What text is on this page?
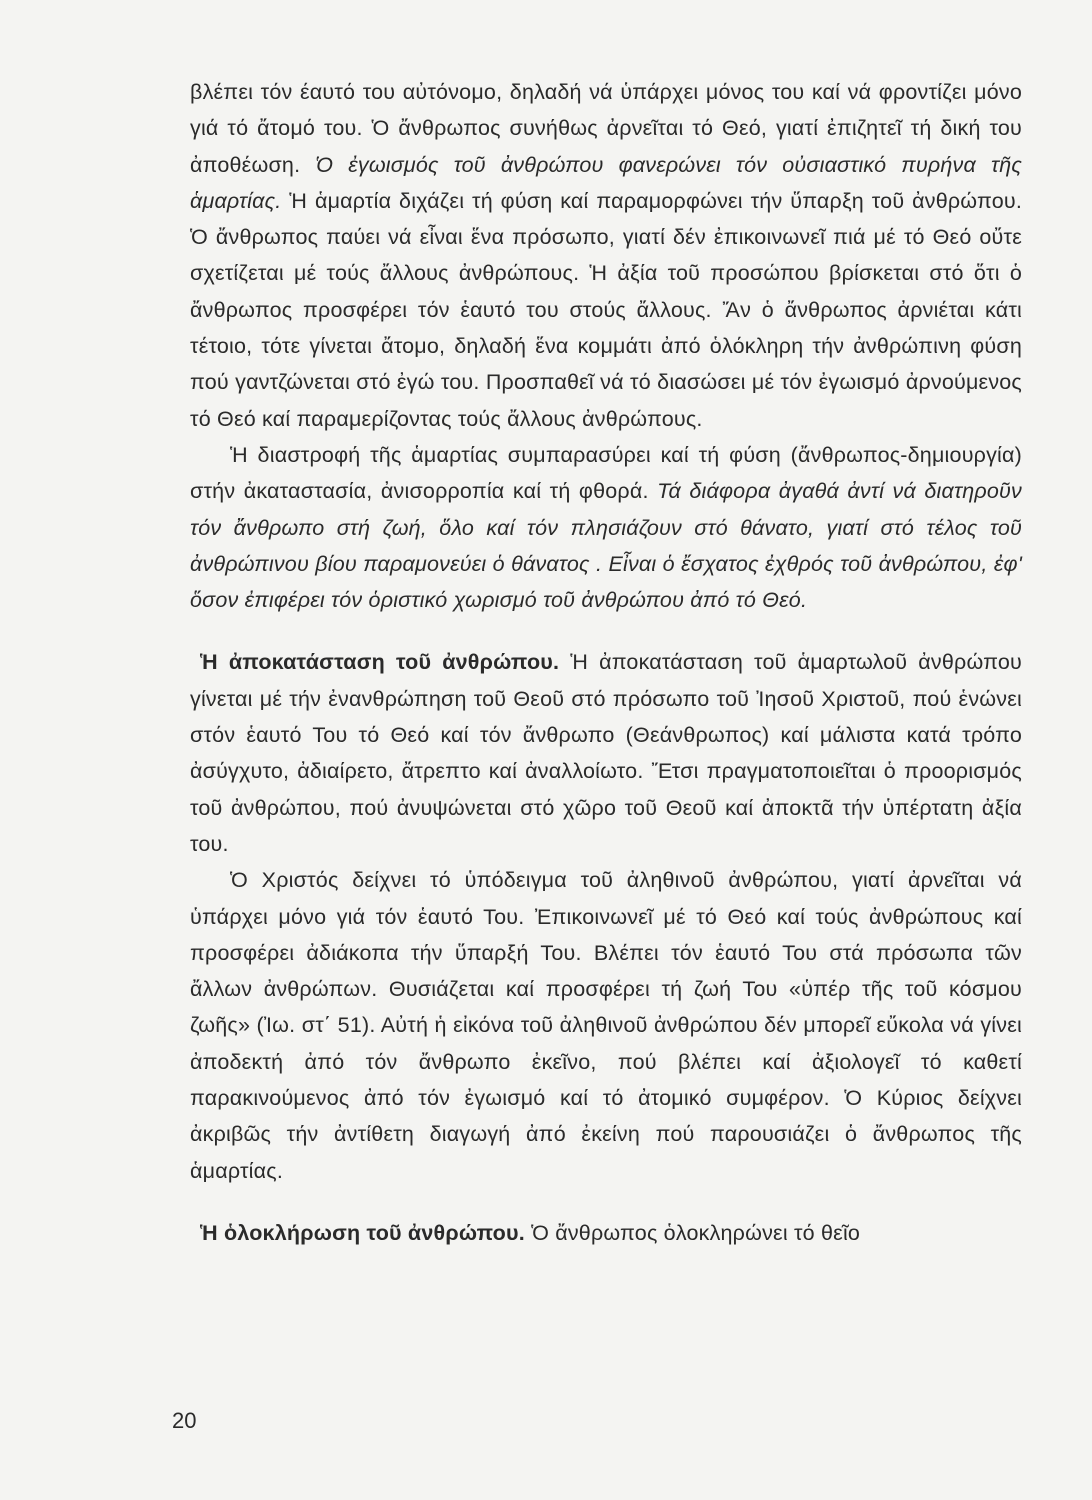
βλέπει τόν έαυτό του αὐτόνομο, δηλαδή νά ὑπάρχει μόνος του καί νά φροντίζει μόνο γιά τό ἄτομό του. Ὁ ἄνθρωπος συνήθως ἀρνεῖται τό Θεό, γιατί ἐπιζητεῖ τή δική του ἀποθέωση. Ὁ ἐγωισμός τοῦ ἀνθρώπου φανερώνει τόν οὐσιαστικό πυρήνα τῆς ἁμαρτίας. Ἡ ἁμαρτία διχάζει τή φύση καί παραμορφώνει τήν ὕπαρξη τοῦ ἀνθρώπου. Ὁ ἄνθρωπος παύει νά εἶναι ἕνα πρόσωπο, γιατί δέν ἐπικοινωνεῖ πιά μέ τό Θεό οὔτε σχετίζεται μέ τούς ἄλλους ἀνθρώπους. Ἡ ἀξία τοῦ προσώπου βρίσκεται στό ὅτι ὁ ἄνθρωπος προσφέρει τόν ἑαυτό του στούς ἄλλους. Ἄν ὁ ἄνθρωπος ἀρνιέται κάτι τέτοιο, τότε γίνεται ἄτομο, δηλαδή ἕνα κομμάτι ἀπό ὁλόκληρη τήν ἀνθρώπινη φύση πού γαντζώνεται στό ἐγώ του. Προσπαθεῖ νά τό διασώσει μέ τόν ἐγωισμό ἀρνούμενος τό Θεό καί παραμερίζοντας τούς ἄλλους ἀνθρώπους.

Ἡ διαστροφή τῆς ἁμαρτίας συμπαρασύρει καί τή φύση (ἄνθρωπος-δημιουργία) στήν ἀκαταστασία, ἀνισορροπία καί τή φθορά. Τά διάφορα ἀγαθά ἀντί νά διατηροῦν τόν ἄνθρωπο στή ζωή, ὅλο καί τόν πλησιάζουν στό θάνατο, γιατί στό τέλος τοῦ ἀνθρώπινου βίου παραμονεύει ὁ θάνατος . Εἶναι ὁ ἔσχατος ἐχθρός τοῦ ἀνθρώπου, ἐφ' ὅσον ἐπιφέρει τόν ὁριστικό χωρισμό τοῦ ἀνθρώπου ἀπό τό Θεό.

Ἡ ἀποκατάσταση τοῦ ἀνθρώπου. Ἡ ἀποκατάσταση τοῦ ἁμαρτωλοῦ ἀνθρώπου γίνεται μέ τήν ἐνανθρώπηση τοῦ Θεοῦ στό πρόσωπο τοῦ Ἰησοῦ Χριστοῦ, πού ἑνώνει στόν ἑαυτό Του τό Θεό καί τόν ἄνθρωπο (Θεάνθρωπος) καί μάλιστα κατά τρόπο ἀσύγχυτο, ἀδιαίρετο, ἄτρεπτο καί ἀναλλοίωτο. Ἔτσι πραγματοποιεῖται ὁ προορισμός τοῦ ἀνθρώπου, πού ἀνυψώνεται στό χῶρο τοῦ Θεοῦ καί ἀποκτᾶ τήν ὑπέρτατη ἀξία του.

Ὁ Χριστός δείχνει τό ὑπόδειγμα τοῦ ἀληθινοῦ ἀνθρώπου, γιατί ἀρνεῖται νά ὑπάρχει μόνο γιά τόν ἑαυτό Του. Ἐπικοινωνεῖ μέ τό Θεό καί τούς ἀνθρώπους καί προσφέρει ἀδιάκοπα τήν ὕπαρξή Του. Βλέπει τόν ἑαυτό Του στά πρόσωπα τῶν ἄλλων ἀνθρώπων. Θυσιάζεται καί προσφέρει τή ζωή Του «ὑπέρ τῆς τοῦ κόσμου ζωῆς» (Ἰω. στ΄ 51). Αὐτή ἡ εἰκόνα τοῦ ἀληθινοῦ ἀνθρώπου δέν μπορεῖ εὔκολα νά γίνει ἀποδεκτή ἀπό τόν ἄνθρωπο ἐκεῖνο, πού βλέπει καί ἀξιολογεῖ τό καθετί παρακινούμενος ἀπό τόν ἐγωισμό καί τό ἀτομικό συμφέρον. Ὁ Κύριος δείχνει ἀκριβῶς τήν ἀντίθετη διαγωγή ἀπό ἐκείνη πού παρουσιάζει ὁ ἄνθρωπος τῆς ἁμαρτίας.

Ἡ ὁλοκλήρωση τοῦ ἀνθρώπου. Ὁ ἄνθρωπος ὁλοκληρώνει τό θεῖο

20
